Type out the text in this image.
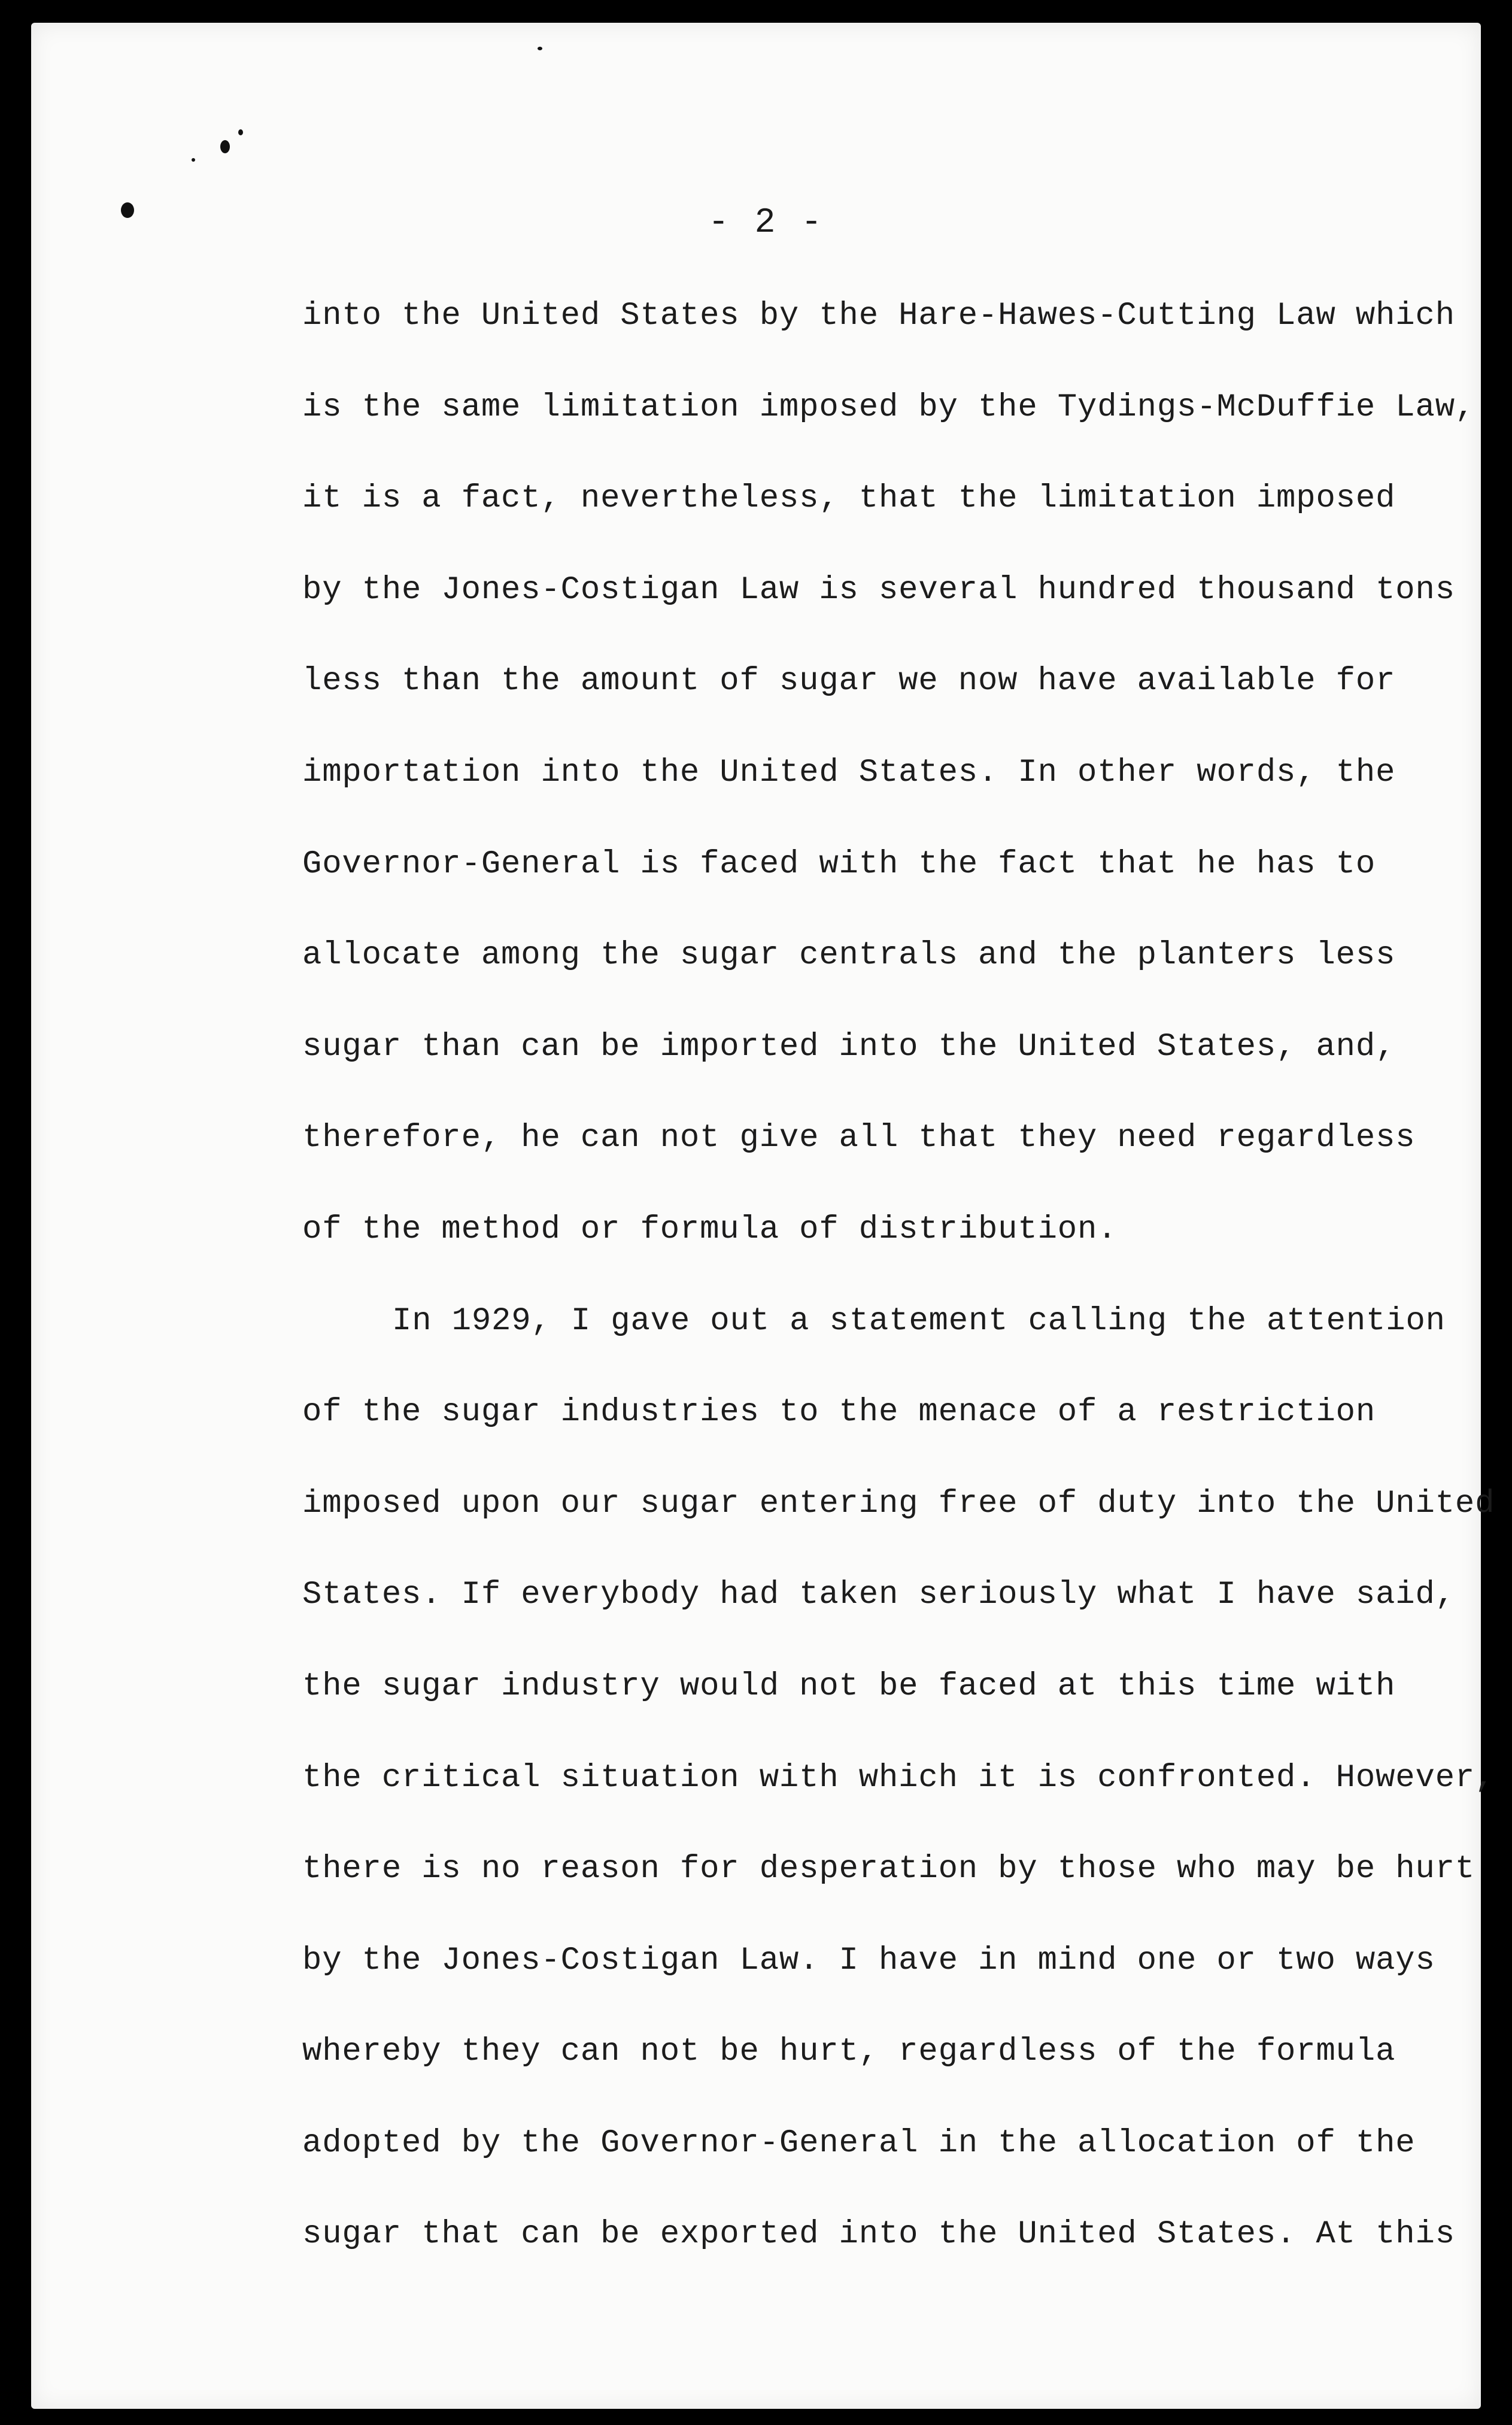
- 2 -
into the United States by the Hare-Hawes-Cutting Law which
is the same limitation imposed by the Tydings-McDuffie Law,
it is a fact, nevertheless, that the limitation imposed
by the Jones-Costigan Law is several hundred thousand tons
less than the amount of sugar we now have available for
importation into the United States. In other words, the
Governor-General is faced with the fact that he has to
allocate among the sugar centrals and the planters less
sugar than can be imported into the United States, and,
therefore, he can not give all that they need regardless
of the method or formula of distribution.
In 1929, I gave out a statement calling the attention
of the sugar industries to the menace of a restriction
imposed upon our sugar entering free of duty into the United
States. If everybody had taken seriously what I have said,
the sugar industry would not be faced at this time with
the critical situation with which it is confronted. However,
there is no reason for desperation by those who may be hurt
by the Jones-Costigan Law. I have in mind one or two ways
whereby they can not be hurt, regardless of the formula
adopted by the Governor-General in the allocation of the
sugar that can be exported into the United States. At this
